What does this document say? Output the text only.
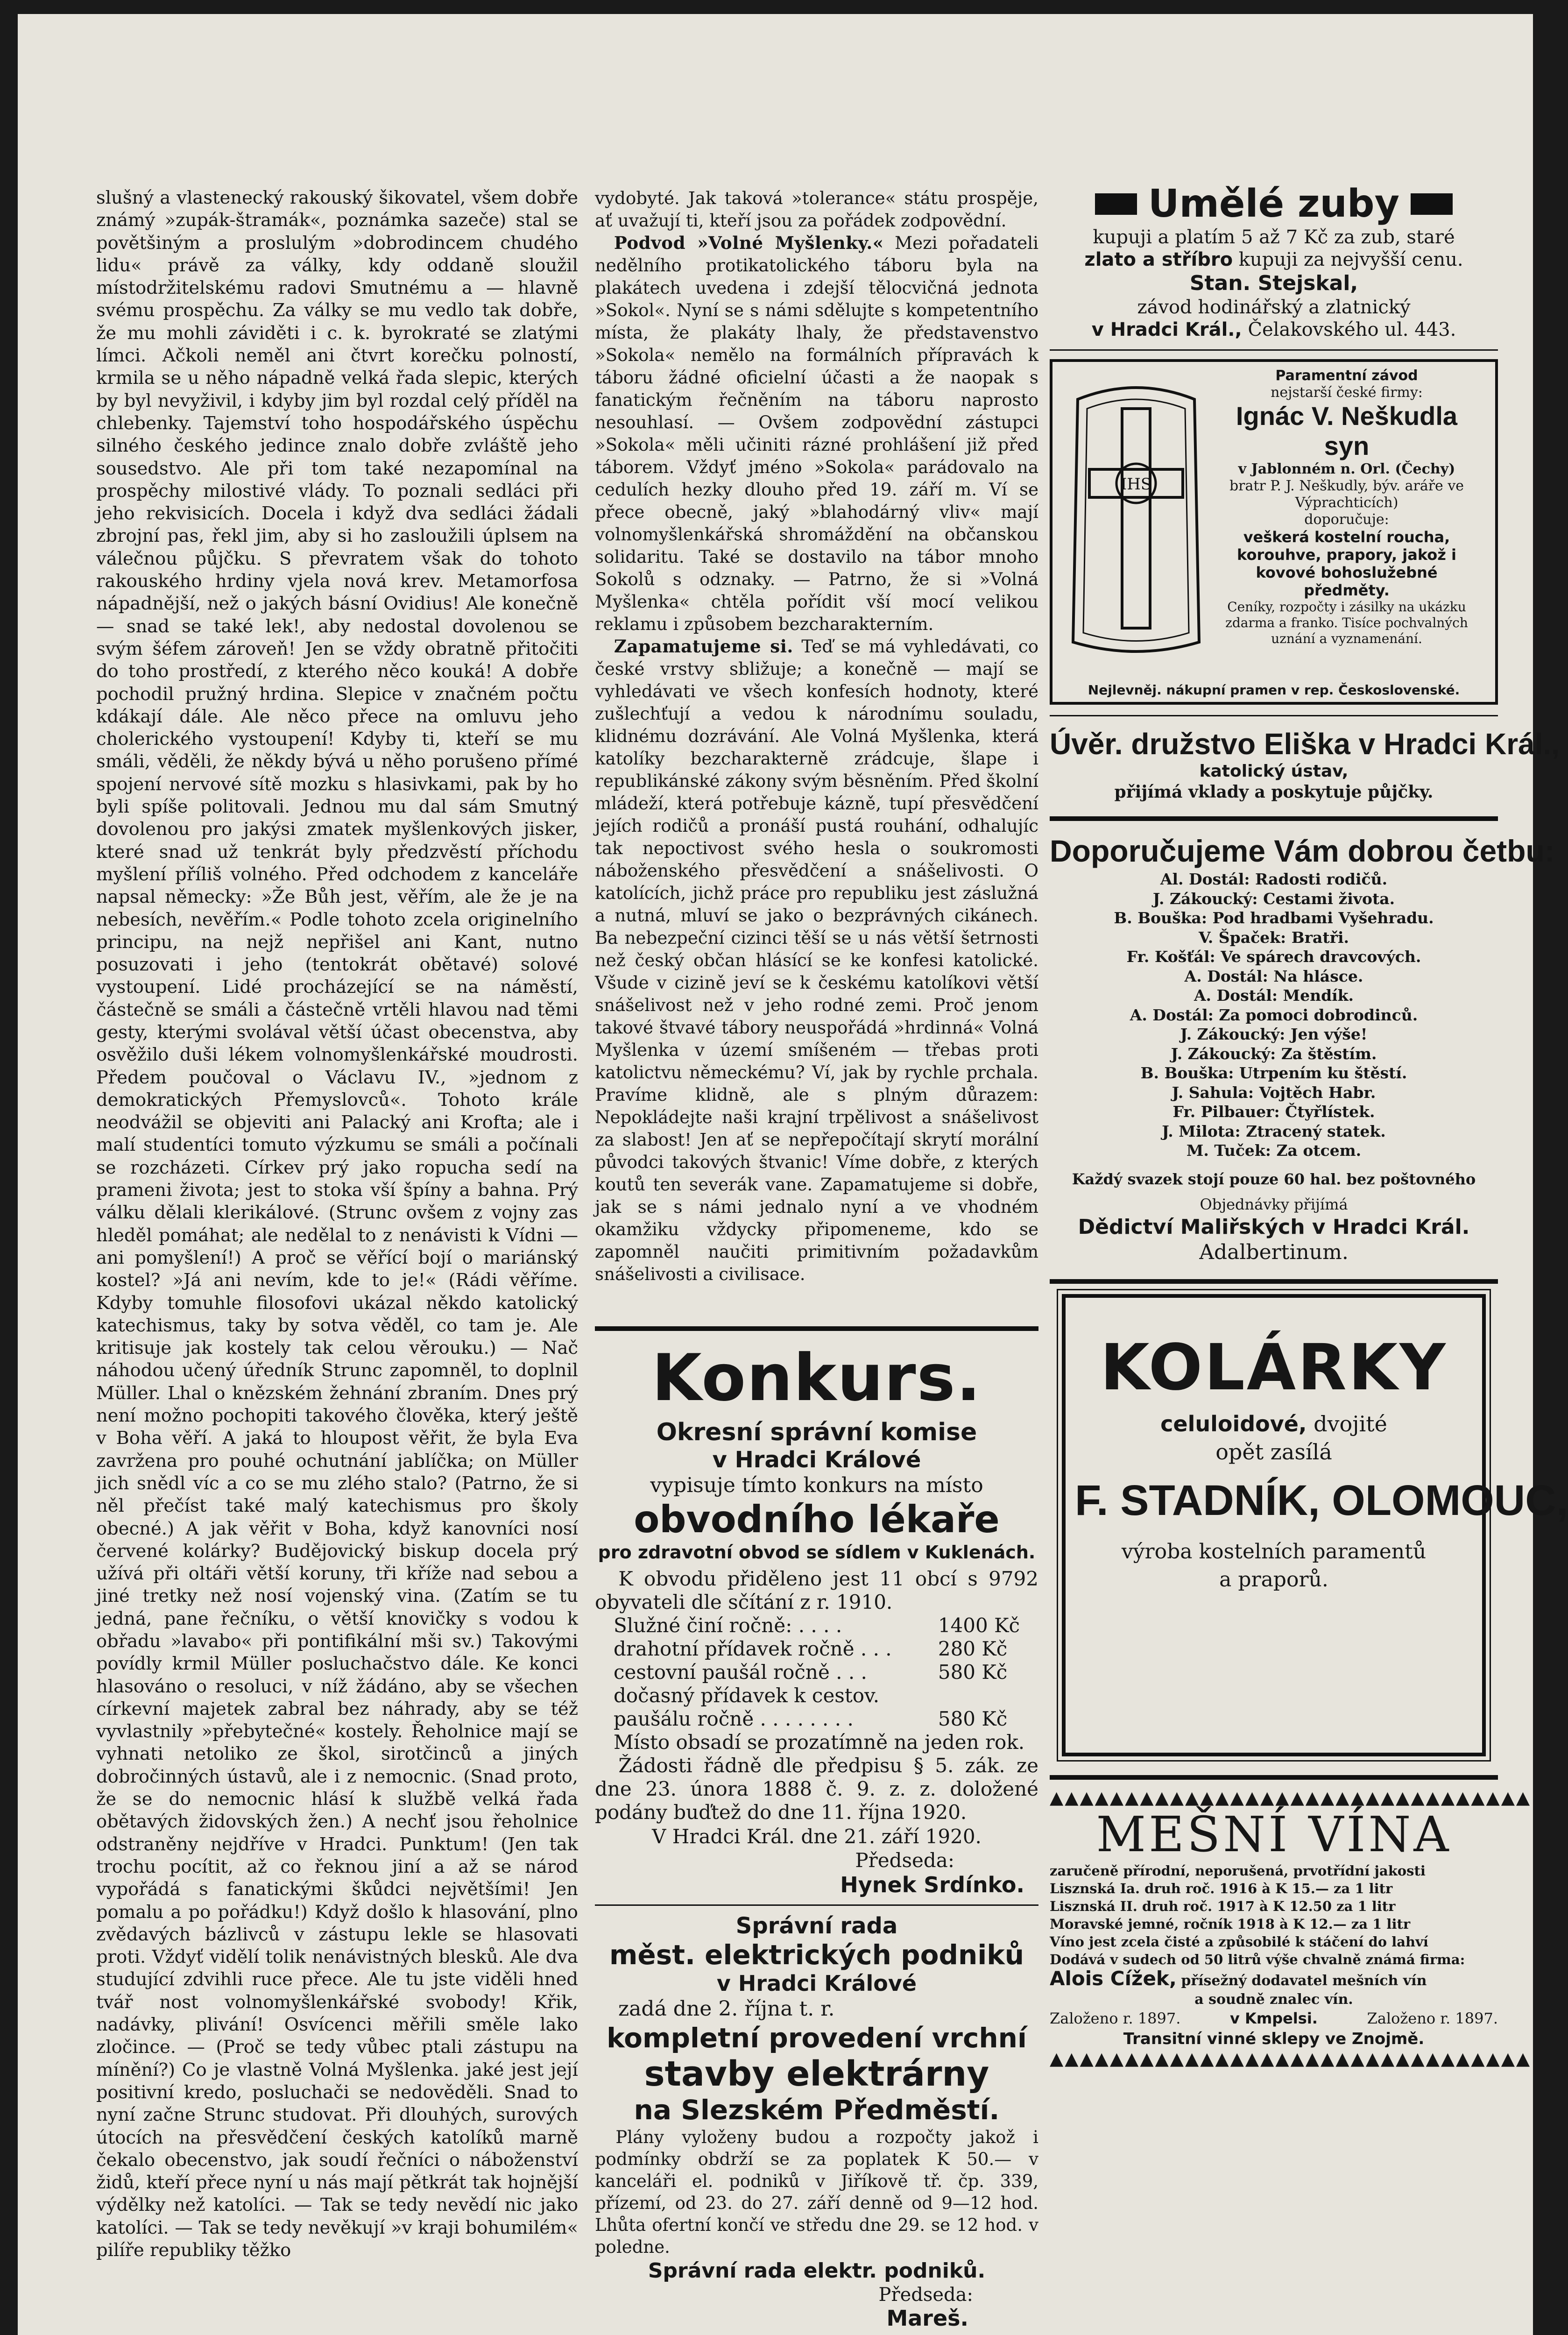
slušný a vlastenecký rakouský šikovatel, všem dobře známý »zupák-štramák«, poznámka sazeče) stal se povětšiným a proslulým »dobrodincem chudého lidu« právě za války, kdy oddaně sloužil místodržitelskému radovi Smutnému a — hlavně svému prospěchu. Za války se mu vedlo tak dobře, že mu mohli záviděti i c. k. byrokraté se zlatými límci. Ačkoli neměl ani čtvrt korečku polností, krmila se u něho nápadně velká řada slepic, kterých by byl nevyživil, i kdyby jim byl rozdal celý příděl na chlebenky. Tajemství toho hospodářského úspěchu silného českého jedince znalo dobře zvláště jeho sousedstvo. Ale při tom také nezapomínal na prospěchy milostivé vlády. To poznali sedláci při jeho rekvisicích. Docela i když dva sedláci žádali zbrojní pas, řekl jim, aby si ho zasloužili úplsem na válečnou půjčku. S převratem však do tohoto rakouského hrdiny vjela nová krev. Metamorfosa nápadnější, než o jakých básní Ovidius! Ale konečně — snad se také lek!, aby nedostal dovolenou se svým šéfem zároveň! Jen se vždy obratně přitočiti do toho prostředí, z kterého něco kouká! A dobře pochodil pružný hrdina. Slepice v značném počtu kdákají dále. Ale něco přece na omluvu jeho cholerického vystoupení! Kdyby ti, kteří se mu smáli, věděli, že někdy bývá u něho porušeno přímé spojení nervové sítě mozku s hlasivkami, pak by ho byli spíše politovali. Jednou mu dal sám Smutný dovolenou pro jakýsi zmatek myšlenkových jisker, které snad už tenkrát byly předzvěstí příchodu myšlení příliš volného. Před odchodem z kanceláře napsal německy: »Že Bůh jest, věřím, ale že je na nebesích, nevěřím.« Podle tohoto zcela originelního principu, na nejž nepřišel ani Kant, nutno posuzovati i jeho (tentokrát obětavé) solové vystoupení. Lidé procházející se na náměstí, částečně se smáli a částečně vrtěli hlavou nad těmi gesty, kterými svolával větší účast obecenstva, aby osvěžilo duši lékem volnomyšlenkářské moudrosti. Předem poučoval o Václavu IV., »jednom z demokratických Přemyslovců«. Tohoto krále neodvážil se objeviti ani Palacký ani Krofta; ale i malí studentíci tomuto výzkumu se smáli a počínali se rozcházeti. Církev prý jako ropucha sedí na prameni života; jest to stoka vší špíny a bahna. Prý válku dělali klerikálové. (Strunc ovšem z vojny zas hleděl pomáhat; ale nedělal to z nenávisti k Vídni — ani pomyšlení!) A proč se věřící bojí o mariánský kostel? »Já ani nevím, kde to je!« (Rádi věříme. Kdyby tomuhle filosofovi ukázal někdo katolický katechismus, taky by sotva věděl, co tam je. Ale kritisuje jak kostely tak celou věrouku.) — Nač náhodou učený úředník Strunc zapomněl, to doplnil Müller. Lhal o knězském žehnání zbraním. Dnes prý není možno pochopiti takového člověka, který ještě v Boha věří. A jaká to hloupost věřit, že byla Eva zavržena pro pouhé ochutnání jablíčka; on Müller jich snědl víc a co se mu zlého stalo? (Patrno, že si něl přečíst také malý katechismus pro školy obecné.) A jak věřit v Boha, když kanovníci nosí červené kolárky? Budějovický biskup docela prý užívá při oltáři větší koruny, tři kříže nad sebou a jiné tretky než nosí vojenský vina. (Zatím se tu jedná, pane řečníku, o větší knovičky s vodou k obřadu »lavabo« při pontifikální mši sv.) Takovými povídly krmil Müller posluchačstvo dále. Ke konci hlasováno o resoluci, v níž žádáno, aby se všechen církevní majetek zabral bez náhrady, aby se též vyvlastnily »přebytečné« kostely. Řeholnice mají se vyhnati netoliko ze škol, sirotčinců a jiných dobročinných ústavů, ale i z nemocnic. (Snad proto, že se do nemocnic hlásí k službě velká řada obětavých židovských žen.) A nechť jsou řeholnice odstraněny nejdříve v Hradci. Punktum! (Jen tak trochu pocítit, až co řeknou jiní a až se národ vypořádá s fanatickými škůdci největšími! Jen pomalu a po pořádku!) Když došlo k hlasování, plno zvědavých bázlivců v zástupu lekle se hlasovati proti. Vždyť vidělí tolik nenávistných blesků. Ale dva studující zdvihli ruce přece. Ale tu jste viděli hned tvář nost volnomyšlenkářské svobody! Křik, nadávky, plivání! Osvícenci měřili směle lako zločince. — (Proč se tedy vůbec ptali zástupu na mínění?) Co je vlastně Volná Myšlenka. jaké jest její positivní kredo, posluchači se nedověděli. Snad to nyní začne Strunc studovat. Při dlouhých, surových útocích na přesvědčení českých katolíků marně čekalo obecenstvo, jak soudí řečníci o náboženství židů, kteří přece nyní u nás mají pětkrát tak hojnější výdělky než katolíci. — Tak se tedy nevědí nic jako katolíci. — Tak se tedy nevěkují »v kraji bohumilém« pilíře republiky těžko

vydobyté. Jak taková »tolerance« státu prospěje, ať uvažují ti, kteří jsou za pořádek zodpovědní.

Podvod »Volné Myšlenky.« Mezi pořadateli nedělního protikatolického táboru byla na plakátech uvedena i zdejší tělocvičná jednota »Sokol«. Nyní se s námi sdělujte s kompetentního místa, že plakáty lhaly, že představenstvo »Sokola« nemělo na formálních přípravách k táboru žádné oficielní účasti a že naopak s fanatickým řečněním na táboru naprosto nesouhlasí. — Ovšem zodpovědní zástupci »Sokola« měli učiniti rázné prohlášení již před táborem. Vždyť jméno »Sokola« parádovalo na cedulích hezky dlouho před 19. září m. Ví se přece obecně, jaký »blahodárný vliv« mají volnomyšlenkářská shromáždění na občanskou solidaritu. Také se dostavilo na tábor mnoho Sokolů s odznaky. — Patrno, že si »Volná Myšlenka« chtěla pořídit vší mocí velikou reklamu i způsobem bezcharakterním.

Zapamatujeme si. Teď se má vyhledávati, co české vrstvy sbližuje; a konečně — mají se vyhledávati ve všech konfesích hodnoty, které zušlechťují a vedou k národnímu souladu, klidnému dozrávání. Ale Volná Myšlenka, která katolíky bezcharakterně zrádcuje, šlape i republikánské zákony svým běsněním. Před školní mládeží, která potřebuje kázně, tupí přesvědčení jejích rodičů a pronáší pustá rouhání, odhalujíc tak nepoctivost svého hesla o soukromosti náboženského přesvědčení a snášelivosti. O katolících, jichž práce pro republiku jest záslužná a nutná, mluví se jako o bezprávných cikánech. Ba nebezpeční cizinci těší se u nás větší šetrnosti než český občan hlásící se ke konfesi katolické. Všude v cizině jeví se k českému katolíkovi větší snášelivost než v jeho rodné zemi. Proč jenom takové štvavé tábory neuspořádá »hrdinná« Volná Myšlenka v území smíšeném — třebas proti katolictvu německému? Ví, jak by rychle prchala. Pravíme klidně, ale s plným důrazem: Nepokládejte naši krajní trpělivost a snášelivost za slabost! Jen ať se nepřepočítají skrytí morální původci takových štvanic! Víme dobře, z kterých koutů ten severák vane. Zapamatujeme si dobře, jak se s námi jednalo nyní a ve vhodném okamžiku vždycky připomeneme, kdo se zapomněl naučiti primitivním požadavkům snášelivosti a civilisace.

Konkurs.
Okresní správní komise
v Hradci Králové
vypisuje tímto konkurs na místo
obvodního lékaře
pro zdravotní obvod se sídlem v Kuklenách.
K obvodu přiděleno jest 11 obcí s 9792 obyvateli dle sčítání z r. 1910.
Služné činí ročně: . . . .	1400 Kč
drahotní přídavek ročně . . .	280 Kč
cestovní paušál ročně . . .	580 Kč
dočasný přídavek k cestov. paušálu ročně . . . . . . . .	580 Kč
Místo obsadí se prozatímně na jeden rok.
Žádosti řádně dle předpisu § 5. zák. ze dne 23. února 1888 č. 9. z. z. doložené podány buďtež do dne 11. října 1920.
V Hradci Král. dne 21. září 1920.
Předseda:
Hynek Srdínko.
Správní rada
měst. elektrických podniků
v Hradci Králové
zadá dne 2. října t. r.
kompletní provedení vrchní
stavby elektrárny
na Slezském Předměstí.
Plány vyloženy budou a rozpočty jakož i podmínky obdrží se za poplatek K 50.— v kanceláři el. podniků v Jiříkově tř. čp. 339, přízemí, od 23. do 27. září denně od 9—12 hod. Lhůta ofertní končí ve středu dne 29. se 12 hod. v poledne.
Správní rada elektr. podniků.
Předseda:
Mareš.
Umělé zuby
kupuji a platím 5 až 7 Kč za zub, staré
zlato a stříbro kupuji za nejvyšší cenu.
Stan. Stejskal,
závod hodinářský a zlatnický
v Hradci Král., Čelakovského ul. 443.
IHS
Paramentní závod
nejstarší české firmy:
Ignác V. Neškudla syn
v Jablonném n. Orl. (Čechy)
bratr P. J. Neškudly, býv. aráře ve Výprachticích)
doporučuje:
veškerá kostelní roucha, korouhve, prapory, jakož i kovové bohoslužebné předměty.
Ceníky, rozpočty i zásilky na ukázku zdarma a franko. Tisíce pochvalných uznání a vyznamenání.
Nejlevněj. nákupní pramen v rep. Československé.
Úvěr. družstvo Eliška v Hradci Král.,
katolický ústav,
přijímá vklady a poskytuje půjčky.
Doporučujeme Vám dobrou četbu:
Al. Dostál: Radosti rodičů.
J. Zákoucký: Cestami života.
B. Bouška: Pod hradbami Vyšehradu.
V. Špaček: Bratři.
Fr. Košťál: Ve spárech dravcových.
A. Dostál: Na hlásce.
A. Dostál: Mendík.
A. Dostál: Za pomoci dobrodinců.
J. Zákoucký: Jen výše!
J. Zákoucký: Za štěstím.
B. Bouška: Utrpením ku štěstí.
J. Sahula: Vojtěch Habr.
Fr. Pilbauer: Čtyřlístek.
J. Milota: Ztracený statek.
M. Tuček: Za otcem.
Každý svazek stojí pouze 60 hal. bez poštovného
Objednávky přijímá
Dědictví Maliřských v Hradci Král.
Adalbertinum.
KOLÁRKY
celuloidové, dvojité
opět zasílá
F. STADNÍK, OLOMOUC,
výroba kostelních paramentů
a praporů.
▲▲▲▲▲▲▲▲▲▲▲▲▲▲▲▲▲▲▲▲▲▲▲▲▲▲▲▲▲▲▲▲
MEŠNÍ VÍNA
zaručeně přírodní, neporušená, prvotřídní jakosti
Lisznská Ia. druh roč. 1916 à K 15.— za 1 litr
Lisznská II. druh roč. 1917 à K 12.50 za 1 litr
Moravské jemné, ročník 1918 à K 12.— za 1 litr
Víno jest zcela čisté a způsobilé k stáčení do lahví
Dodává v sudech od 50 litrů výše chvalně známá firma:
Alois Cížek, přísežný dodavatel mešních vín
a soudně znalec vín.
Založeno r. 1897.	v Kmpelsi.	Založeno r. 1897.
Transitní vinné sklepy ve Znojmě.
▲▲▲▲▲▲▲▲▲▲▲▲▲▲▲▲▲▲▲▲▲▲▲▲▲▲▲▲▲▲▲▲
